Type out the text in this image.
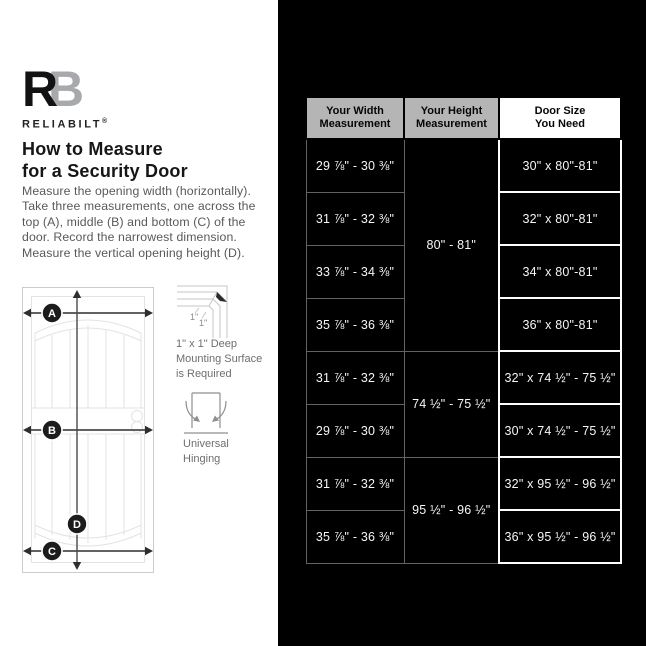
B
R
RELIABILT®
How to Measure
for a Security Door
Measure the opening width (horizontally).
Take three measurements, one across the
top (A), middle (B) and bottom (C) of the
door. Record the narrowest dimension.
Measure the vertical opening height (D).
A
B
C
D
1"
1"
1" x 1" Deep
Mounting Surface
is Required
Universal
Hinging
Your Width
Measurement

Your Height
Measurement

Door Size
You Need

29 ⅞" - 30 ⅜"	80" - 81"	30" x 80"-81"
31 ⅞" - 32 ⅜"		32" x 80"-81"
33 ⅞" - 34 ⅜"		34" x 80"-81"
35 ⅞" - 36 ⅜"		36" x 80"-81"
31 ⅞" - 32 ⅜"	74 ½" - 75 ½"	32" x 74 ½" - 75 ½"
29 ⅞" - 30 ⅜"		30" x 74 ½" - 75 ½"
31 ⅞" - 32 ⅜"	95 ½" - 96 ½"	32" x 95 ½" - 96 ½"
35 ⅞" - 36 ⅜"		36" x 95 ½" - 96 ½"
